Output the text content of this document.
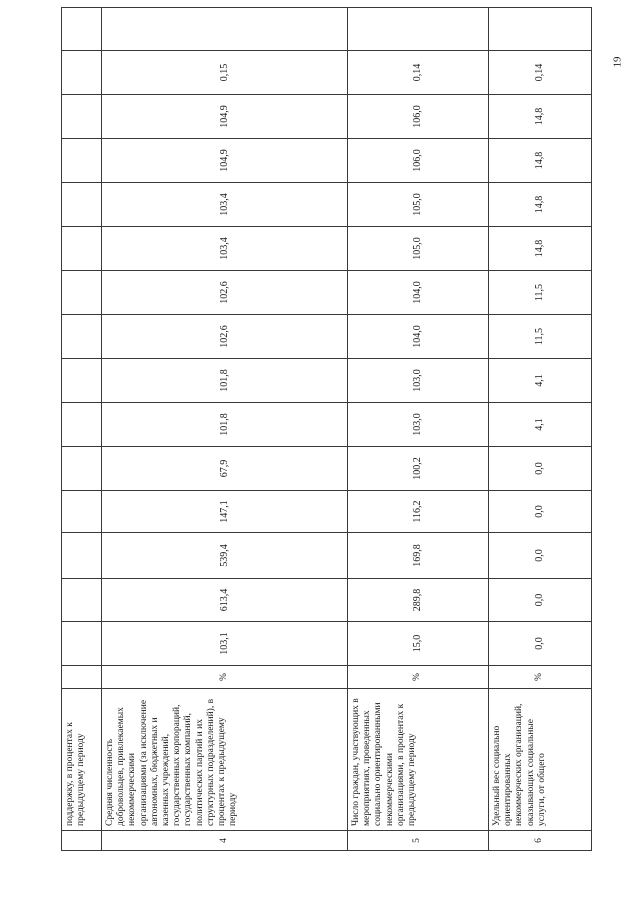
19
	поддержку, в процентах к предыдущему периоду																
4	Средняя численность добровольцев, привлекаемых некоммерческими организациями (за исключение автономных, бюджетных и казенных учреждений, государственных корпораций, государственных компаний, политических партий и их структурных подразделений), в процентах к предыдущему периоду	%	103,1	613,4	539,4	147,1	67,9	101,8	101,8	102,6	102,6	103,4	103,4	104,9	104,9	0,15	
5	Число граждан, участвующих в мероприятиях, проведенных социально ориентированными некоммерческими организациями, в процентах к предыдущему периоду	%	15,0	289,8	169,8	116,2	100,2	103,0	103,0	104,0	104,0	105,0	105,0	106,0	106,0	0,14	
6	Удельный вес социально ориентированных некоммерческих организаций, оказывающих социальные услуги, от общего	%	0,0	0,0	0,0	0,0	0,0	4,1	4,1	11,5	11,5	14,8	14,8	14,8	14,8	0,14	
